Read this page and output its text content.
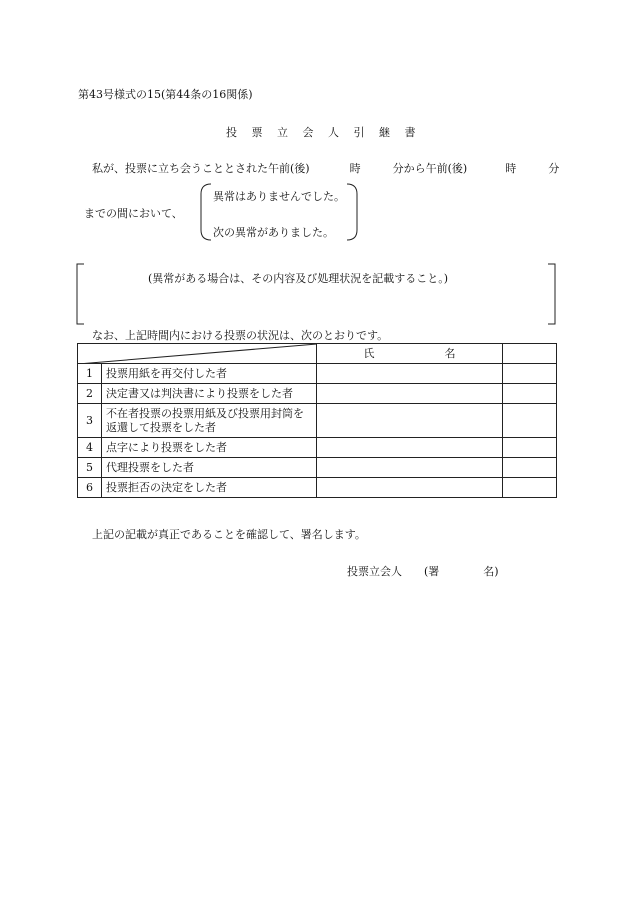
第43号様式の15(第44条の16関係)
投 票 立 会 人 引 継 書
私が、投票に立ち会うこととされた午前(後)	時	分から午前(後)	時	分
までの間において、
異常はありませんでした。
次の異常がありました。
(異常がある場合は、その内容及び処理状況を記載すること。)
なお、上記時間内における投票の状況は、次のとおりです。
	氏 名	
1	投票用紙を再交付した者		
2	決定書又は判決書により投票をした者		
3	不在者投票の投票用紙及び投票用封筒を返還して投票をした者		
4	点字により投票をした者		
5	代理投票をした者		
6	投票拒否の決定をした者		
上記の記載が真正であることを確認して、署名します。
投票立会人 (署	名)
